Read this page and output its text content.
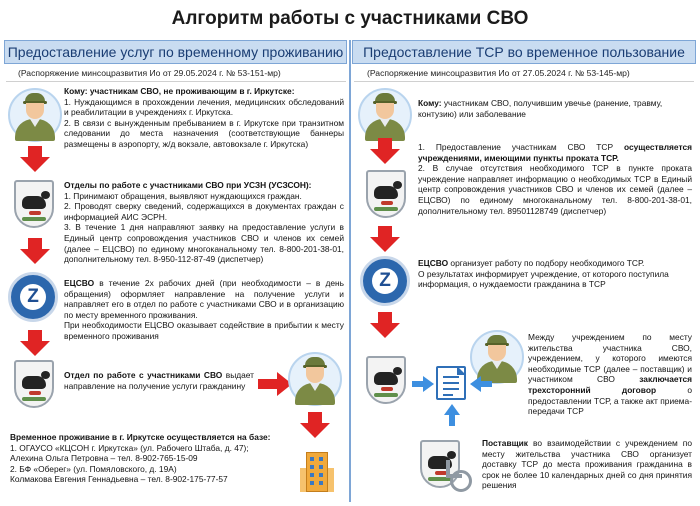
Алгоритм работы с участниками СВО
Предоставление услуг по временному проживанию	Предоставление ТСР во временное пользование
(Распоряжение минсоцразвития Ио от 29.05.2024 г. № 53-151-мр)	(Распоряжение минсоцразвития Ио от 27.05.2024 г. № 53-145-мр)

Кому: участникам СВО, не проживающим в г. Иркутске:

1. Нуждающимся в прохождении лечения, медицинских обследований и реабилитации в учреждениях г. Иркутска.

2. В связи с вынужденным пребыванием в г. Иркутске при транзитном следовании до места назначения (соответствующие баннеры размещены в аэропорту, ж/д вокзале, автовокзале г. Иркутска)

Отделы по работе с участниками СВО при УСЗН (УСЗСОН):

1. Принимают обращения, выявляют нуждающихся граждан.

2. Проводят сверку сведений, содержащихся в документах граждан с информацией АИС ЭСРН.

3. В течение 1 дня направляют заявку на предоставление услуги в Единый центр сопровождения участников СВО и членов их семей (далее – ЕЦСВО) по единому многоканальному тел. 8-800-201-38-01, дополнительному тел. 8-950-112-87-49 (диспетчер)

Z

ЕЦСВО в течение 2х рабочих дней (при необходимости – в день обращения) оформляет направление на получение услуги и направляет его в отдел по работе с участниками СВО и в организацию по месту временного проживания.

При необходимости ЕЦСВО оказывает содействие в прибытии к месту временного проживания

Отдел по работе с участниками СВО выдает направление на получение услуги гражданину

Временное проживание в г. Иркутске осуществляется на базе:

1. ОГАУСО «КЦСОН г. Иркутска» (ул. Рабочего Штаба, д. 47);

Алехина Ольга Петровна – тел. 8-902-765-15-09

2. БФ «Оберег» (ул. Помяловского, д. 19А)

Колмакова Евгения Геннадьевна – тел. 8-902-175-77-57

Кому: участникам СВО, получившим увечье (ранение, травму, контузию) или заболевание

1. Предоставление участникам СВО ТСР осуществляется учреждениями, имеющими пункты проката ТСР.

2. В случае отсутствия необходимого ТСР в пункте проката учреждение направляет информацию о необходимых ТСР в Единый центр сопровождения участников СВО и членов их семей (далее – ЕЦСВО) по единому многоканальному тел. 8-800-201-38-01, дополнительному тел. 89501128749 (диспетчер)

Z

ЕЦСВО организует работу по подбору необходимого ТСР.

О результатах информирует учреждение, от которого поступила информация, о нуждаемости гражданина в ТСР

Между учреждением по месту жительства участника СВО, учреждением, у которого имеются необходимые ТСР (далее – поставщик) и участником СВО заключается трехсторонний договор о предоставлении ТСР, а также акт приема-передачи ТСР

Поставщик во взаимодействии с учреждением по месту жительства участника СВО организует доставку ТСР до места проживания гражданина в срок не более 10 календарных дней со дня принятия решения
